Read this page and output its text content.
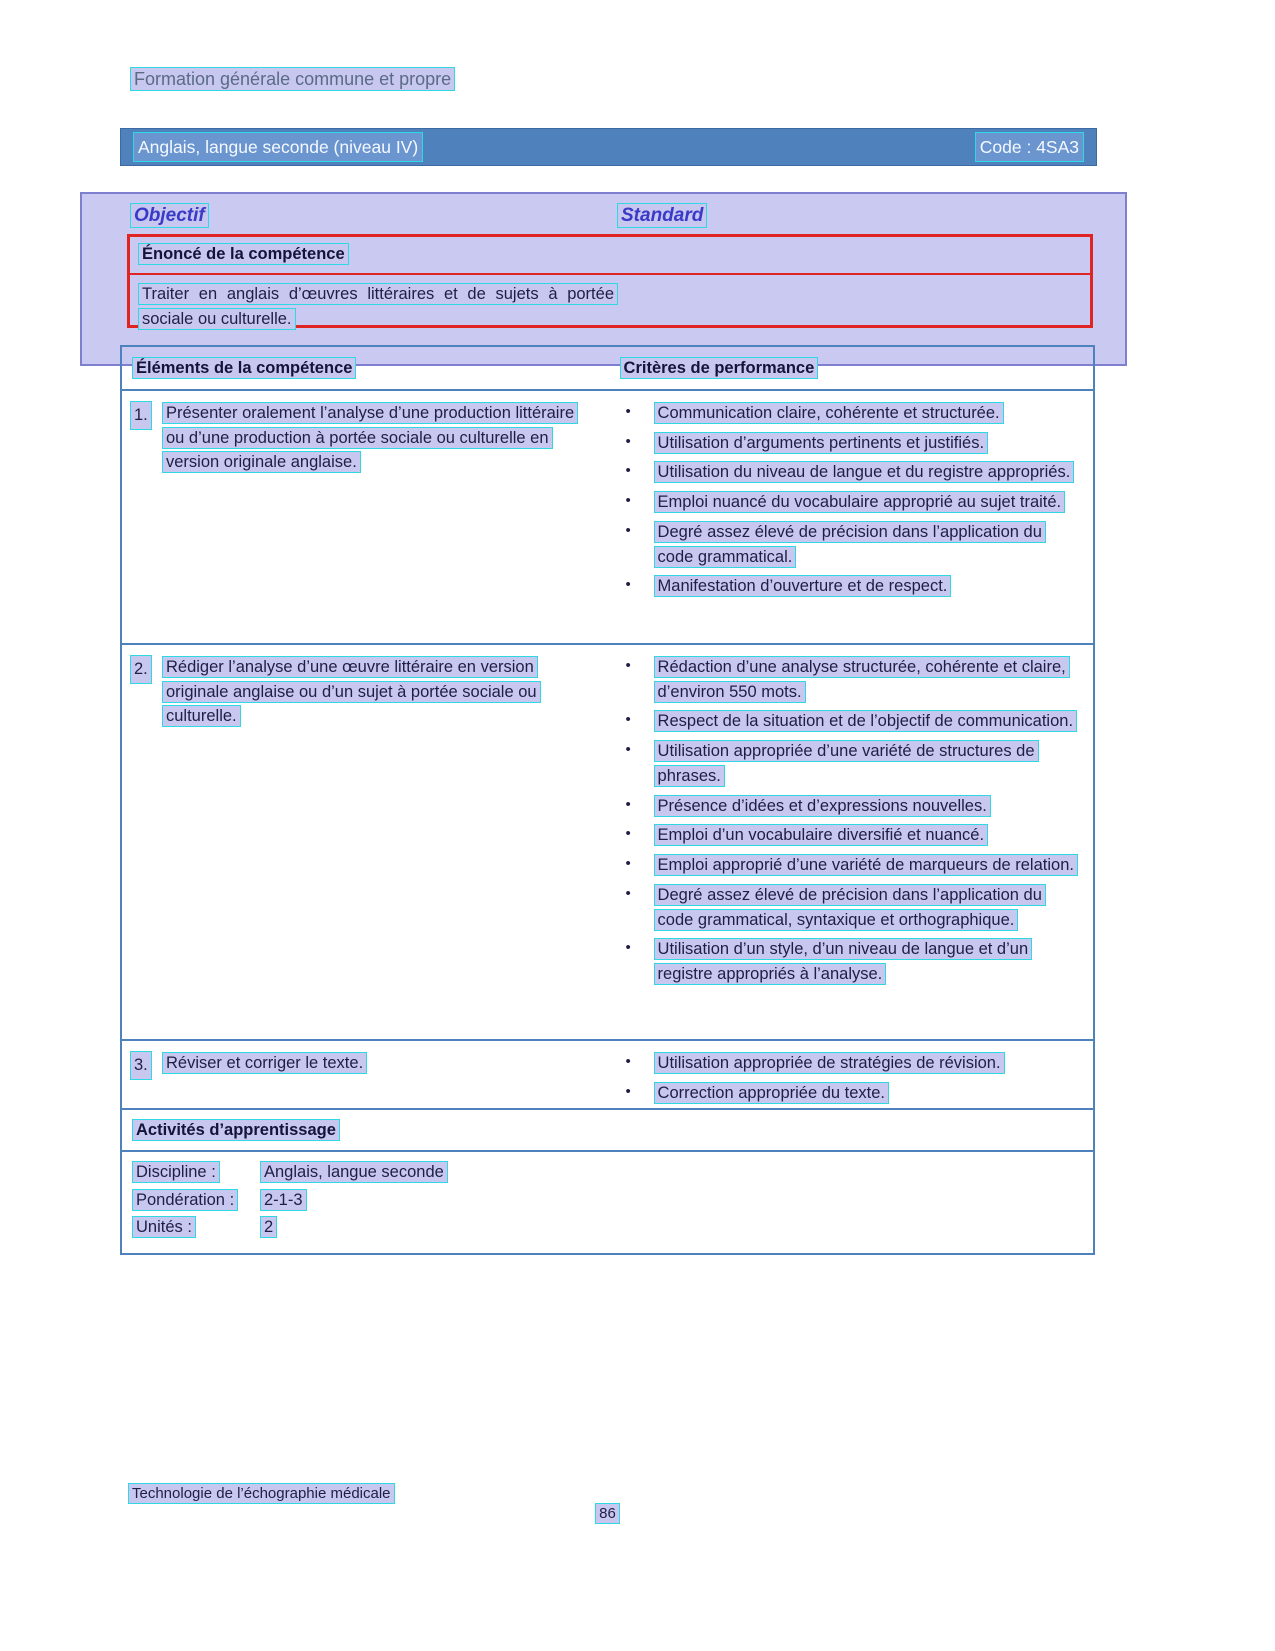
Formation générale commune et propre
Anglais, langue seconde (niveau IV)	Code : 4SA3
Objectif	Standard
Énoncé de la compétence
Traiter en anglais d’œuvres littéraires et de sujets à portée sociale ou culturelle.
Éléments de la compétence	Critères de performance
1. Présenter oralement l’analyse d’une production littéraire ou d’une production à portée sociale ou culturelle en version originale anglaise.
• Communication claire, cohérente et structurée.
• Utilisation d’arguments pertinents et justifiés.
• Utilisation du niveau de langue et du registre appropriés.
• Emploi nuancé du vocabulaire approprié au sujet traité.
• Degré assez élevé de précision dans l’application du code grammatical.
• Manifestation d’ouverture et de respect.
2. Rédiger l’analyse d’une œuvre littéraire en version originale anglaise ou d’un sujet à portée sociale ou culturelle.
• Rédaction d’une analyse structurée, cohérente et claire, d’environ 550 mots.
• Respect de la situation et de l’objectif de communication.
• Utilisation appropriée d’une variété de structures de phrases.
• Présence d’idées et d’expressions nouvelles.
• Emploi d’un vocabulaire diversifié et nuancé.
• Emploi approprié d’une variété de marqueurs de relation.
• Degré assez élevé de précision dans l’application du code grammatical, syntaxique et orthographique.
• Utilisation d’un style, d’un niveau de langue et d’un registre appropriés à l’analyse.
3. Réviser et corriger le texte.	• Utilisation appropriée de stratégies de révision.
• Correction appropriée du texte.
Activités d’apprentissage
Discipline :	Anglais, langue seconde
Pondération :	2-1-3
Unités :	2
Technologie de l’échographie médicale
86
